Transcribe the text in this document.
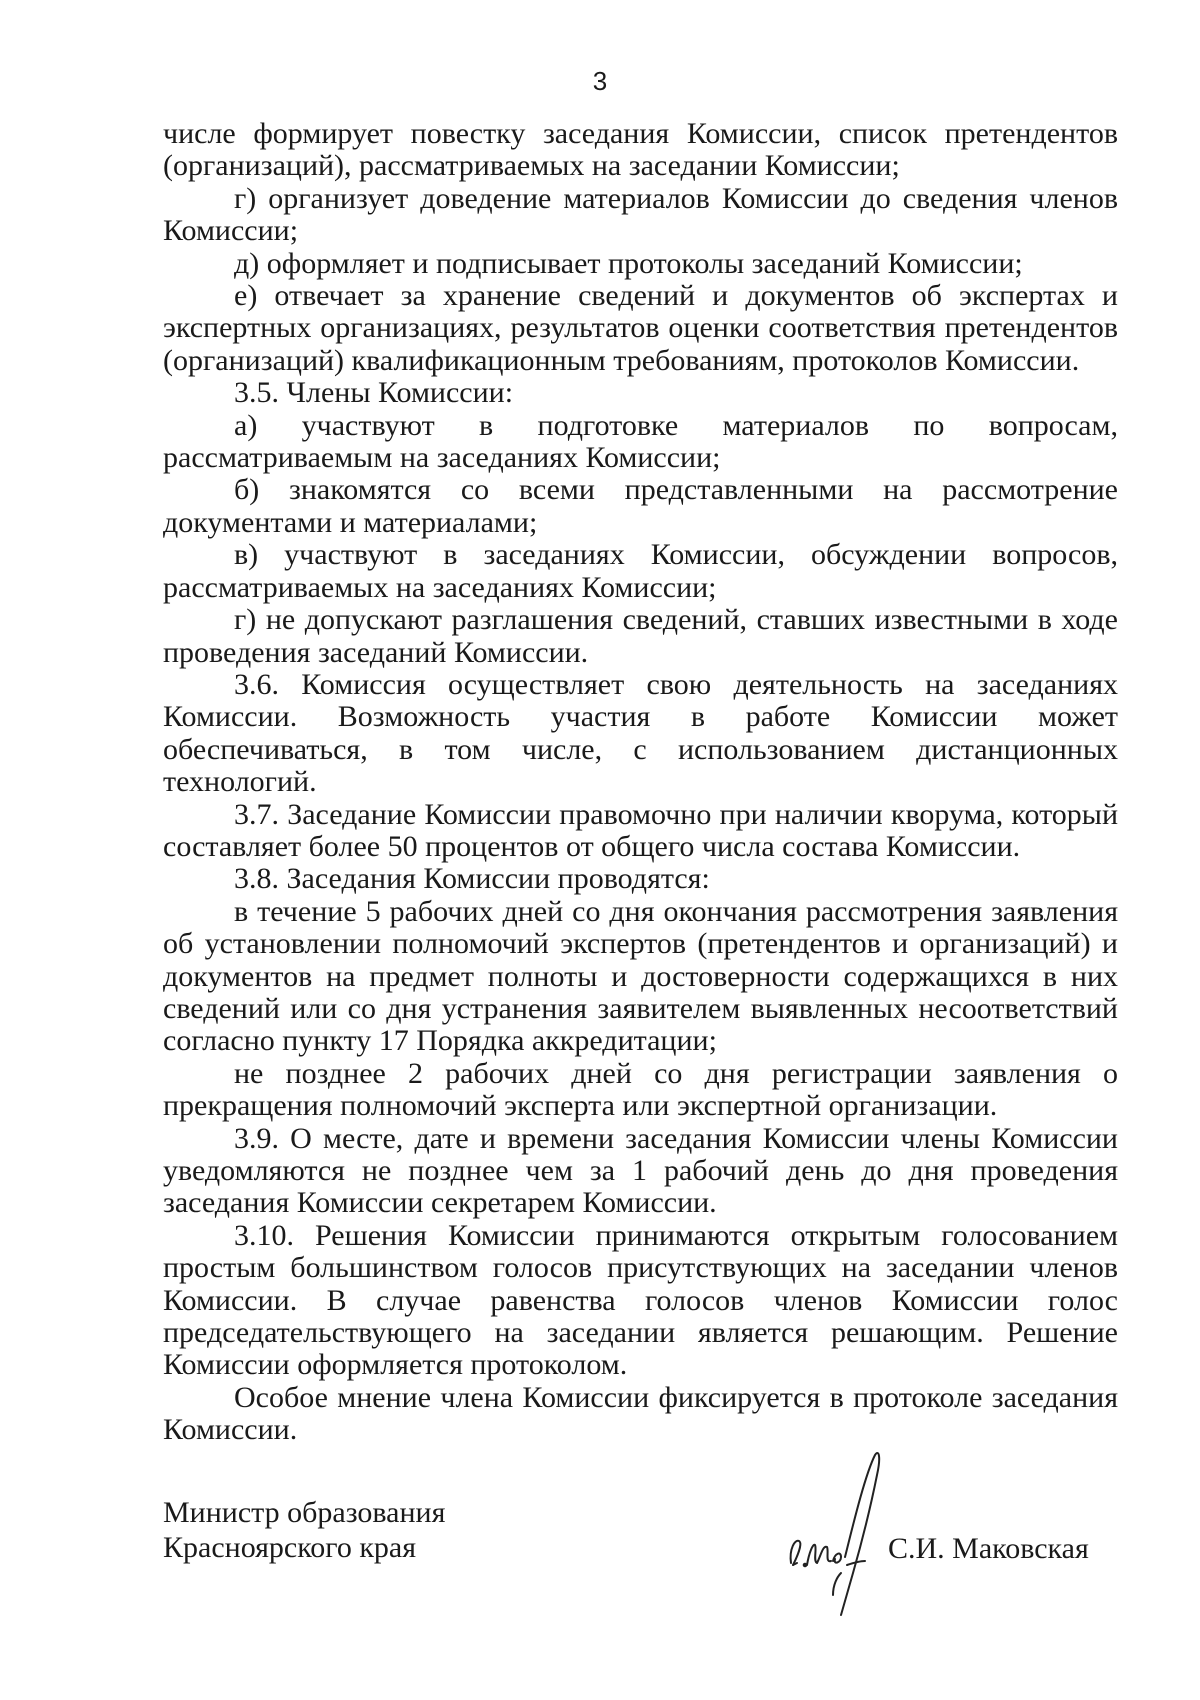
3

числе формирует повестку заседания Комиссии, список претендентов (организаций), рассматриваемых на заседании Комиссии;

г) организует доведение материалов Комиссии до сведения членов Комиссии;

д) оформляет и подписывает протоколы заседаний Комиссии;

е) отвечает за хранение сведений и документов об экспертах и экспертных организациях, результатов оценки соответствия претендентов (организаций) квалификационным требованиям, протоколов Комиссии.

3.5. Члены Комиссии:

а) участвуют в подготовке материалов по вопросам, рассматриваемым на заседаниях Комиссии;

б) знакомятся со всеми представленными на рассмотрение документами и материалами;

в) участвуют в заседаниях Комиссии, обсуждении вопросов, рассматриваемых на заседаниях Комиссии;

г) не допускают разглашения сведений, ставших известными в ходе проведения заседаний Комиссии.

3.6. Комиссия осуществляет свою деятельность на заседаниях Комиссии. Возможность участия в работе Комиссии может обеспечиваться, в том числе, с использованием дистанционных технологий.

3.7. Заседание Комиссии правомочно при наличии кворума, который составляет более 50 процентов от общего числа состава Комиссии.

3.8. Заседания Комиссии проводятся:

в течение 5 рабочих дней со дня окончания рассмотрения заявления об установлении полномочий экспертов (претендентов и организаций) и документов на предмет полноты и достоверности содержащихся в них сведений или со дня устранения заявителем выявленных несоответствий согласно пункту 17 Порядка аккредитации;

не позднее 2 рабочих дней со дня регистрации заявления о прекращения полномочий эксперта или экспертной организации.

3.9. О месте, дате и времени заседания Комиссии члены Комиссии уведомляются не позднее чем за 1 рабочий день до дня проведения заседания Комиссии секретарем Комиссии.

3.10. Решения Комиссии принимаются открытым голосованием простым большинством голосов присутствующих на заседании членов Комиссии. В случае равенства голосов членов Комиссии голос председательствующего на заседании является решающим. Решение Комиссии оформляется протоколом.

Особое мнение члена Комиссии фиксируется в протоколе заседания Комиссии.

Министр образования
Красноярского края	С.И. Маковская
